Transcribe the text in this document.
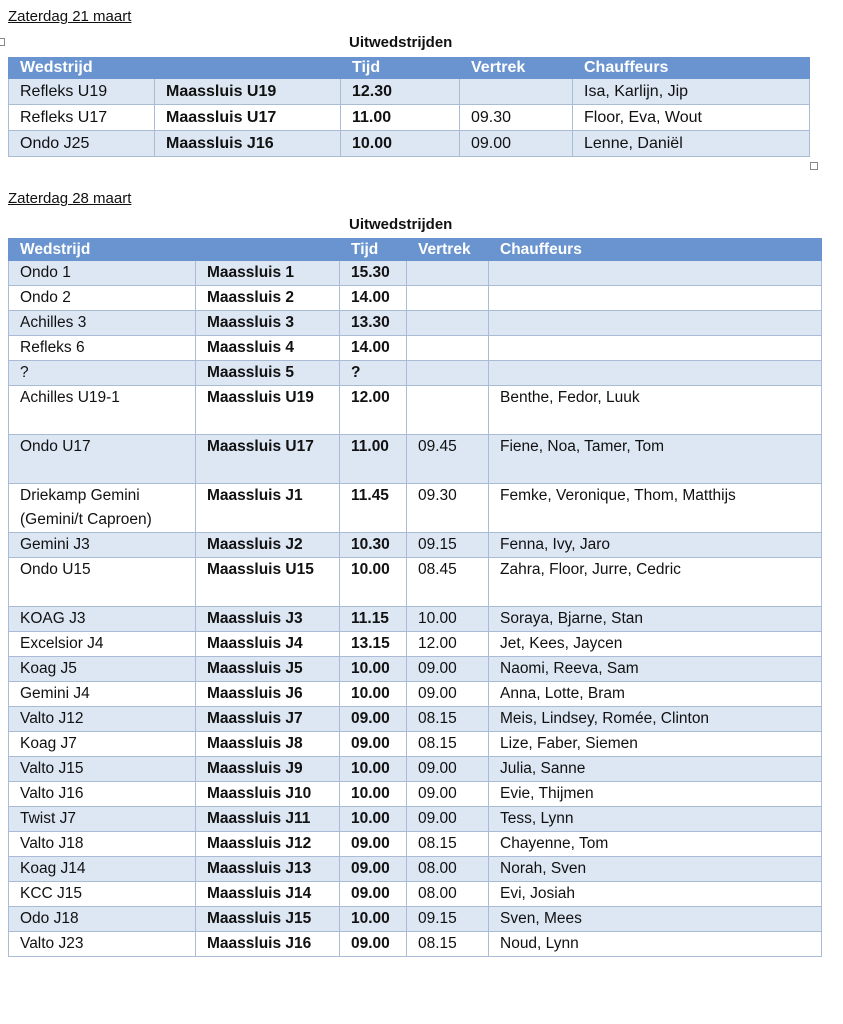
Zaterdag 21 maart
Uitwedstrijden
Wedstrijd		Tijd	Vertrek	Chauffeurs
Refleks U19	Maassluis U19	12.30		Isa, Karlijn, Jip
Refleks U17	Maassluis U17	11.00	09.30	Floor, Eva, Wout
Ondo J25	Maassluis J16	10.00	09.00	Lenne, Daniël
Zaterdag 28 maart
Uitwedstrijden
Wedstrijd		Tijd	Vertrek	Chauffeurs
Ondo 1	Maassluis 1	15.30		
Ondo 2	Maassluis 2	14.00		
Achilles 3	Maassluis 3	13.30		
Refleks 6	Maassluis 4	14.00		
?	Maassluis 5	?		
Achilles U19-1	Maassluis U19	12.00		Benthe, Fedor, Luuk
Ondo U17	Maassluis U17	11.00	09.45	Fiene, Noa, Tamer, Tom
Driekamp Gemini (Gemini/t Caproen)	Maassluis J1	11.45	09.30	Femke, Veronique, Thom, Matthijs
Gemini J3	Maassluis J2	10.30	09.15	Fenna, Ivy, Jaro
Ondo U15	Maassluis U15	10.00	08.45	Zahra, Floor, Jurre, Cedric
KOAG J3	Maassluis J3	11.15	10.00	Soraya, Bjarne, Stan
Excelsior J4	Maassluis J4	13.15	12.00	Jet, Kees, Jaycen
Koag J5	Maassluis J5	10.00	09.00	Naomi, Reeva, Sam
Gemini J4	Maassluis J6	10.00	09.00	Anna, Lotte, Bram
Valto J12	Maassluis J7	09.00	08.15	Meis, Lindsey, Romée, Clinton
Koag J7	Maassluis J8	09.00	08.15	Lize, Faber, Siemen
Valto J15	Maassluis J9	10.00	09.00	Julia, Sanne
Valto J16	Maassluis J10	10.00	09.00	Evie, Thijmen
Twist J7	Maassluis J11	10.00	09.00	Tess, Lynn
Valto J18	Maassluis J12	09.00	08.15	Chayenne, Tom
Koag J14	Maassluis J13	09.00	08.00	Norah, Sven
KCC J15	Maassluis J14	09.00	08.00	Evi, Josiah
Odo J18	Maassluis J15	10.00	09.15	Sven, Mees
Valto J23	Maassluis J16	09.00	08.15	Noud, Lynn
